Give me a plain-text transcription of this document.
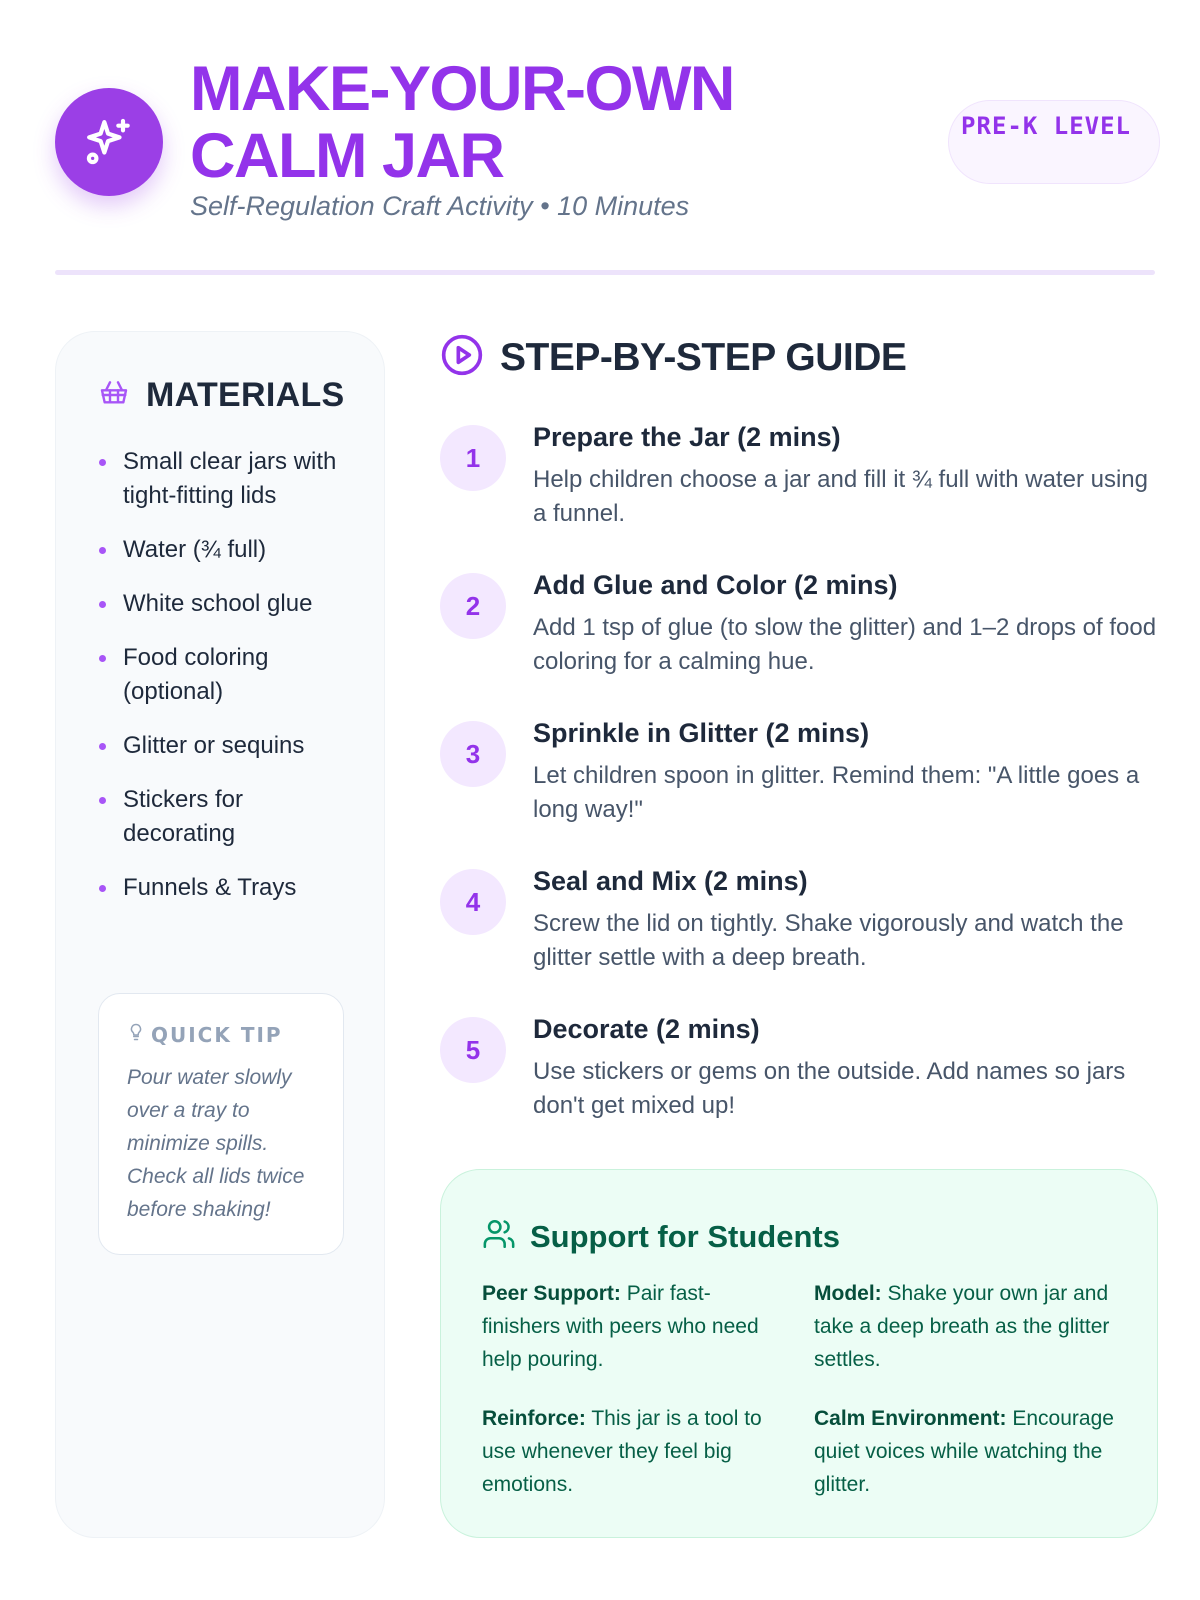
MAKE-YOUR-OWN CALM JAR
Self-Regulation Craft Activity • 10 Minutes
PRE-K LEVEL
MATERIALS
Small clear jars with tight-fitting lids
Water (¾ full)
White school glue
Food coloring (optional)
Glitter or sequins
Stickers for decorating
Funnels & Trays
QUICK TIP

Pour water slowly over a tray to minimize spills. Check all lids twice before shaking!

STEP-BY-STEP GUIDE
1
Prepare the Jar (2 mins)
Help children choose a jar and fill it ¾ full with water using a funnel.
2
Add Glue and Color (2 mins)
Add 1 tsp of glue (to slow the glitter) and 1–2 drops of food coloring for a calming hue.
3
Sprinkle in Glitter (2 mins)
Let children spoon in glitter. Remind them: "A little goes a long way!"
4
Seal and Mix (2 mins)
Screw the lid on tightly. Shake vigorously and watch the glitter settle with a deep breath.
5
Decorate (2 mins)
Use stickers or gems on the outside. Add names so jars don't get mixed up!
Support for Students

Peer Support: Pair fast-finishers with peers who need help pouring.

Model: Shake your own jar and take a deep breath as the glitter settles.

Reinforce: This jar is a tool to use whenever they feel big emotions.

Calm Environment: Encourage quiet voices while watching the glitter.
